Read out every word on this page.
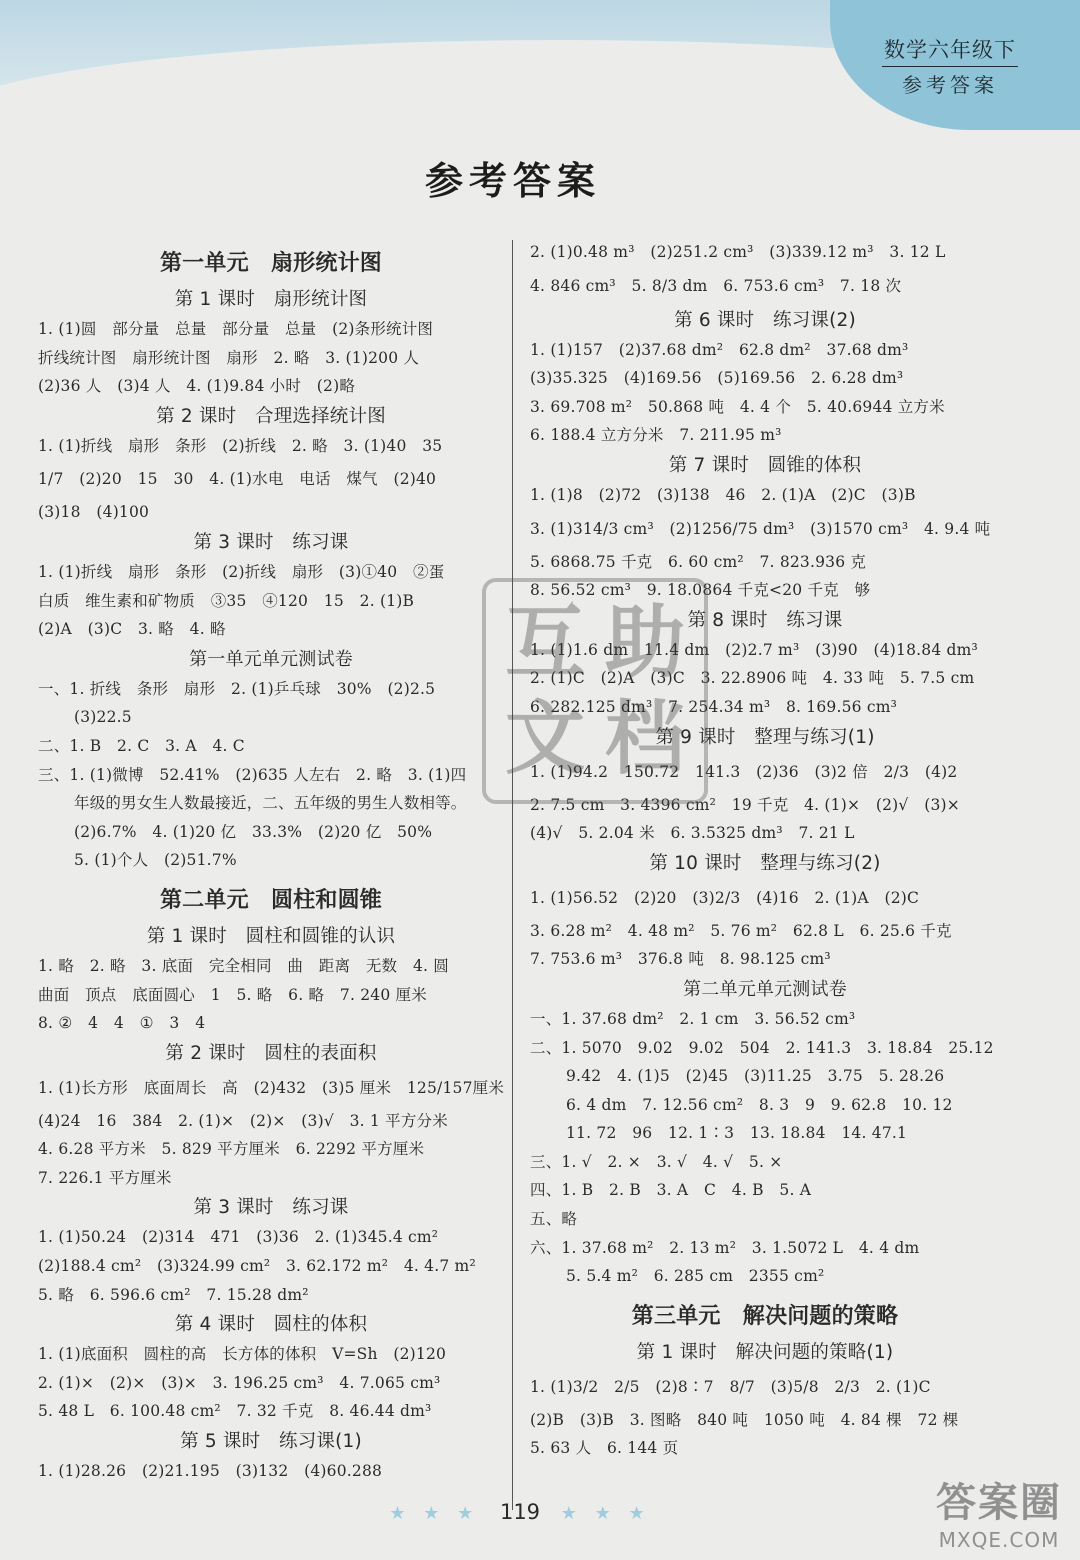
数学六年级下
参考答案
参考答案
第一单元　扇形统计图
第 1 课时　扇形统计图
1. (1)圆　部分量　总量　部分量　总量　(2)条形统计图
折线统计图　扇形统计图　扇形　2. 略　3. (1)200 人
(2)36 人　(3)4 人　4. (1)9.84 小时　(2)略
第 2 课时　合理选择统计图
1. (1)折线　扇形　条形　(2)折线　2. 略　3. (1)40　35
1/7　(2)20　15　30　4. (1)水电　电话　煤气　(2)40
(3)18　(4)100
第 3 课时　练习课
1. (1)折线　扇形　条形　(2)折线　扇形　(3)①40　②蛋
白质　维生素和矿物质　③35　④120　15　2. (1)B
(2)A　(3)C　3. 略　4. 略
第一单元单元测试卷
一、1. 折线　条形　扇形　2. (1)乒乓球　30%　(2)2.5
(3)22.5
二、1. B　2. C　3. A　4. C
三、1. (1)微博　52.41%　(2)635 人左右　2. 略　3. (1)四
年级的男女生人数最接近，二、五年级的男生人数相等。
(2)6.7%　4. (1)20 亿　33.3%　(2)20 亿　50%
5. (1)个人　(2)51.7%
第二单元　圆柱和圆锥
第 1 课时　圆柱和圆锥的认识
1. 略　2. 略　3. 底面　完全相同　曲　距离　无数　4. 圆
曲面　顶点　底面圆心　1　5. 略　6. 略　7. 240 厘米
8. ②　4　4　①　3　4
第 2 课时　圆柱的表面积
1. (1)长方形　底面周长　高　(2)432　(3)5 厘米　125/157厘米
(4)24　16　384　2. (1)×　(2)×　(3)√　3. 1 平方分米
4. 6.28 平方米　5. 829 平方厘米　6. 2292 平方厘米
7. 226.1 平方厘米
第 3 课时　练习课
1. (1)50.24　(2)314　471　(3)36　2. (1)345.4 cm²
(2)188.4 cm²　(3)324.99 cm²　3. 62.172 m²　4. 4.7 m²
5. 略　6. 596.6 cm²　7. 15.28 dm²
第 4 课时　圆柱的体积
1. (1)底面积　圆柱的高　长方体的体积　V=Sh　(2)120
2. (1)×　(2)×　(3)×　3. 196.25 cm³　4. 7.065 cm³
5. 48 L　6. 100.48 cm²　7. 32 千克　8. 46.44 dm³
第 5 课时　练习课(1)
1. (1)28.26　(2)21.195　(3)132　(4)60.288
2. (1)0.48 m³　(2)251.2 cm³　(3)339.12 m³　3. 12 L
4. 846 cm³　5. 8/3 dm　6. 753.6 cm³　7. 18 次
第 6 课时　练习课(2)
1. (1)157　(2)37.68 dm²　62.8 dm²　37.68 dm³
(3)35.325　(4)169.56　(5)169.56　2. 6.28 dm³
3. 69.708 m²　50.868 吨　4. 4 个　5. 40.6944 立方米
6. 188.4 立方分米　7. 211.95 m³
第 7 课时　圆锥的体积
1. (1)8　(2)72　(3)138　46　2. (1)A　(2)C　(3)B
3. (1)314/3 cm³　(2)1256/75 dm³　(3)1570 cm³　4. 9.4 吨
5. 6868.75 千克　6. 60 cm²　7. 823.936 克
8. 56.52 cm³　9. 18.0864 千克<20 千克　够
第 8 课时　练习课
1. (1)1.6 dm　11.4 dm　(2)2.7 m³　(3)90　(4)18.84 dm³
2. (1)C　(2)A　(3)C　3. 22.8906 吨　4. 33 吨　5. 7.5 cm
6. 282.125 dm³　7. 254.34 m³　8. 169.56 cm³
第 9 课时　整理与练习(1)
1. (1)94.2　150.72　141.3　(2)36　(3)2 倍　2/3　(4)2
2. 7.5 cm　3. 4396 cm²　19 千克　4. (1)×　(2)√　(3)×
(4)√　5. 2.04 米　6. 3.5325 dm³　7. 21 L
第 10 课时　整理与练习(2)
1. (1)56.52　(2)20　(3)2/3　(4)16　2. (1)A　(2)C
3. 6.28 m²　4. 48 m²　5. 76 m²　62.8 L　6. 25.6 千克
7. 753.6 m³　376.8 吨　8. 98.125 cm³
第二单元单元测试卷
一、1. 37.68 dm²　2. 1 cm　3. 56.52 cm³
二、1. 5070　9.02　9.02　504　2. 141.3　3. 18.84　25.12
9.42　4. (1)5　(2)45　(3)11.25　3.75　5. 28.26
6. 4 dm　7. 12.56 cm²　8. 3　9　9. 62.8　10. 12
11. 72　96　12. 1∶3　13. 18.84　14. 47.1
三、1. √　2. ×　3. √　4. √　5. ×
四、1. B　2. B　3. A　C　4. B　5. A
五、略
六、1. 37.68 m²　2. 13 m²　3. 1.5072 L　4. 4 dm
5. 5.4 m²　6. 285 cm　2355 cm²
第三单元　解决问题的策略
第 1 课时　解决问题的策略(1)
1. (1)3/2　2/5　(2)8∶7　8/7　(3)5/8　2/3　2. (1)C
(2)B　(3)B　3. 图略　840 吨　1050 吨　4. 84 棵　72 棵
5. 63 人　6. 144 页
互 助
文 档
答案圈
MXQE.COM
★ ★ ★ 119 ★ ★ ★
